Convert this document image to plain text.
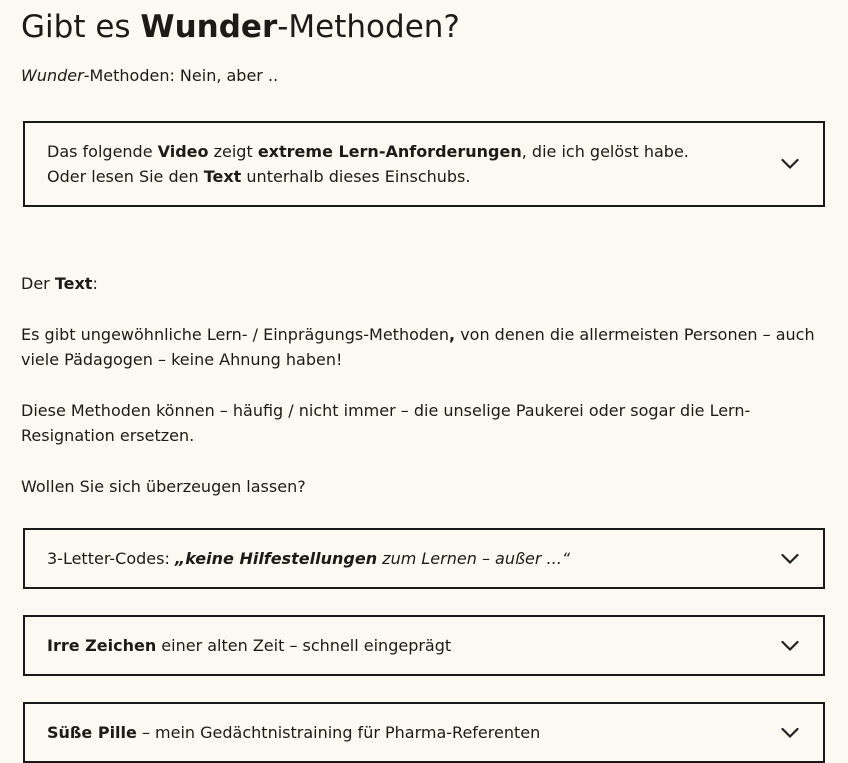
Gibt es Wunder-Methoden?

Wunder-Methoden: Nein, aber ..

Das folgende Video zeigt extreme Lern-Anforderungen, die ich gelöst habe.
Oder lesen Sie den Text unterhalb dieses Einschubs.

Der Text:

Es gibt ungewöhnliche Lern- / Einprägungs-Methoden, von denen die allermeisten Personen – auch viele Pädagogen – keine Ahnung haben!

Diese Methoden können – häufig / nicht immer – die unselige Paukerei oder sogar die Lern-Resignation ersetzen.

Wollen Sie sich überzeugen lassen?

3-Letter-Codes: „keine Hilfestellungen zum Lernen – außer ...“
Irre Zeichen einer alten Zeit – schnell eingeprägt
Süße Pille – mein Gedächtnistraining für Pharma-Referenten
